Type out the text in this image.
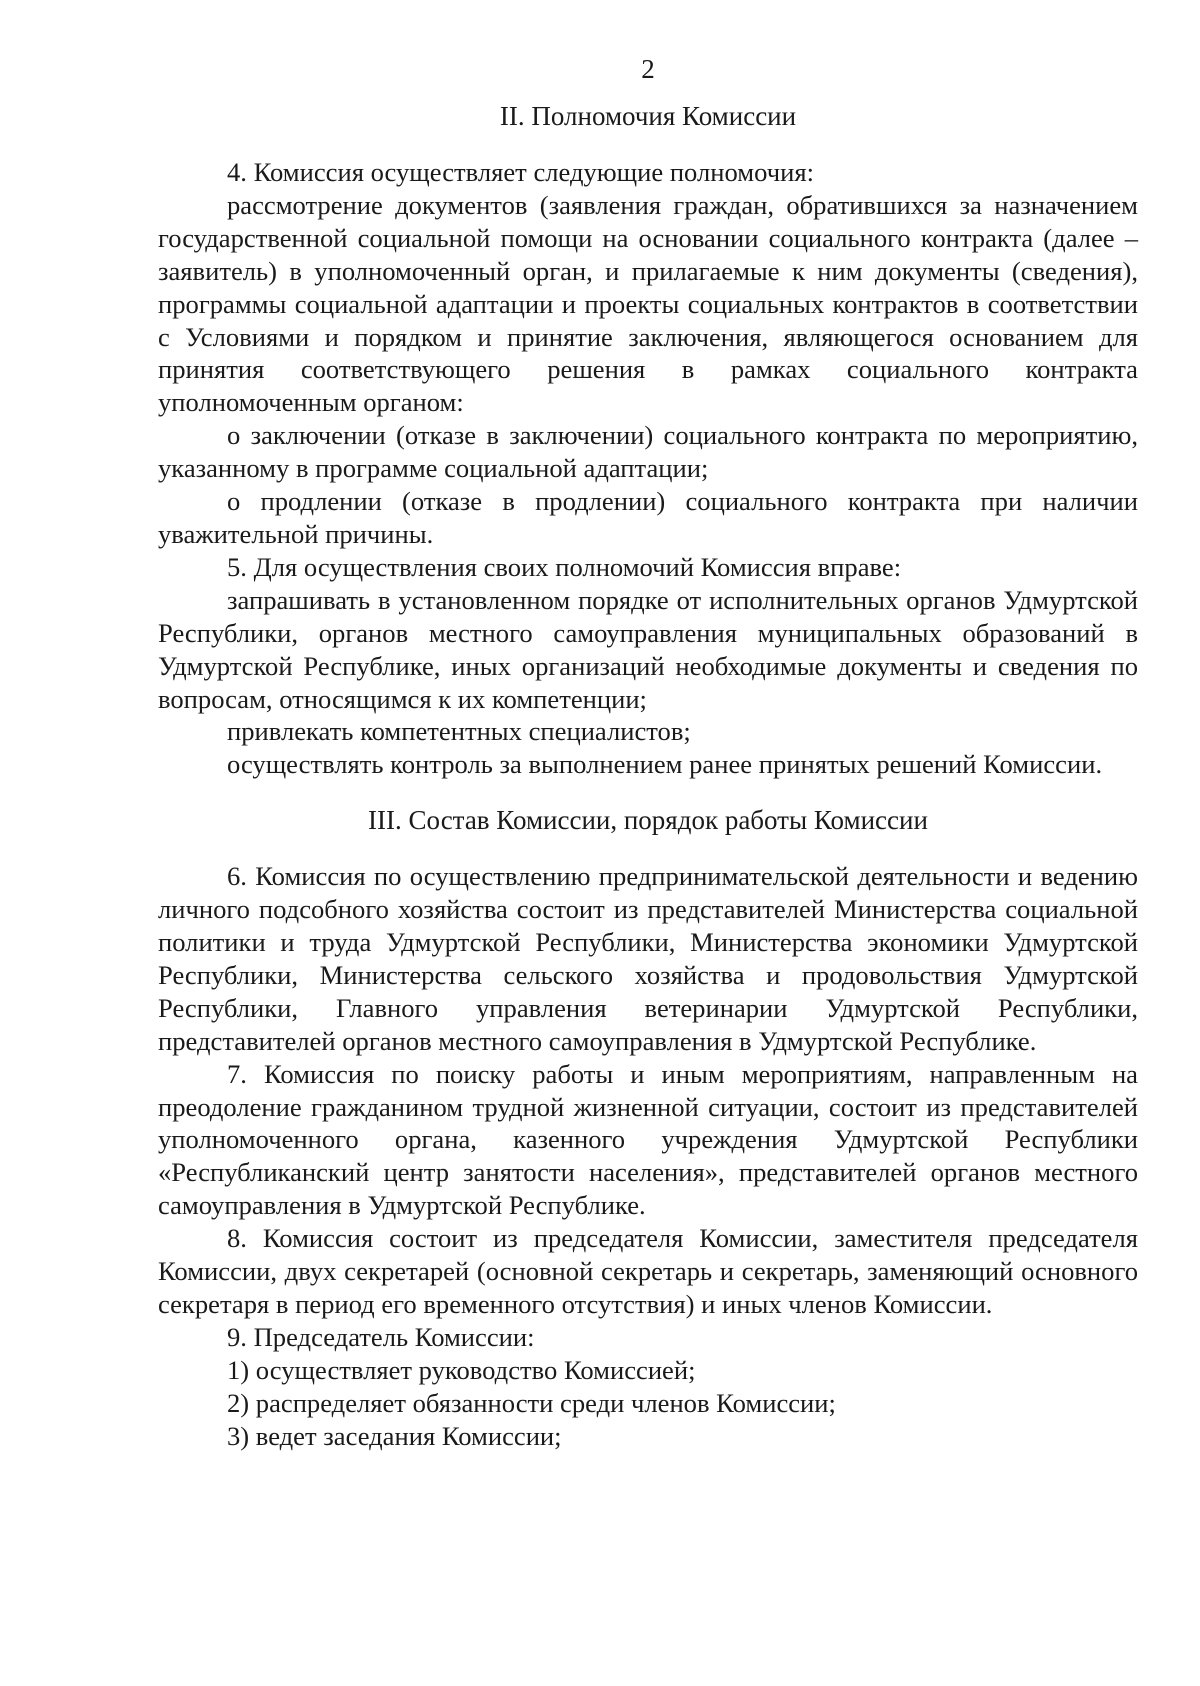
2
II. Полномочия Комиссии

4. Комиссия осуществляет следующие полномочия:

рассмотрение документов (заявления граждан, обратившихся за назначением государственной социальной помощи на основании социального контракта (далее – заявитель) в уполномоченный орган, и прилагаемые к ним документы (сведения), программы социальной адаптации и проекты социальных контрактов в соответствии с Условиями и порядком и принятие заключения, являющегося основанием для принятия соответствующего решения в рамках социального контракта уполномоченным органом:

о заключении (отказе в заключении) социального контракта по мероприятию, указанному в программе социальной адаптации;

о продлении (отказе в продлении) социального контракта при наличии уважительной причины.

5. Для осуществления своих полномочий Комиссия вправе:

запрашивать в установленном порядке от исполнительных органов Удмуртской Республики, органов местного самоуправления муниципальных образований в Удмуртской Республике, иных организаций необходимые документы и сведения по вопросам, относящимся к их компетенции;

привлекать компетентных специалистов;

осуществлять контроль за выполнением ранее принятых решений Комиссии.

III. Состав Комиссии, порядок работы Комиссии

6. Комиссия по осуществлению предпринимательской деятельности и ведению личного подсобного хозяйства состоит из представителей Министерства социальной политики и труда Удмуртской Республики, Министерства экономики Удмуртской Республики, Министерства сельского хозяйства и продовольствия Удмуртской Республики, Главного управления ветеринарии Удмуртской Республики, представителей органов местного самоуправления в Удмуртской Республике.

7. Комиссия по поиску работы и иным мероприятиям, направленным на преодоление гражданином трудной жизненной ситуации, состоит из представителей уполномоченного органа, казенного учреждения Удмуртской Республики «Республиканский центр занятости населения», представителей органов местного самоуправления в Удмуртской Республике.

8. Комиссия состоит из председателя Комиссии, заместителя председателя Комиссии, двух секретарей (основной секретарь и секретарь, заменяющий основного секретаря в период его временного отсутствия) и иных членов Комиссии.

9. Председатель Комиссии:

1) осуществляет руководство Комиссией;

2) распределяет обязанности среди членов Комиссии;

3) ведет заседания Комиссии;
